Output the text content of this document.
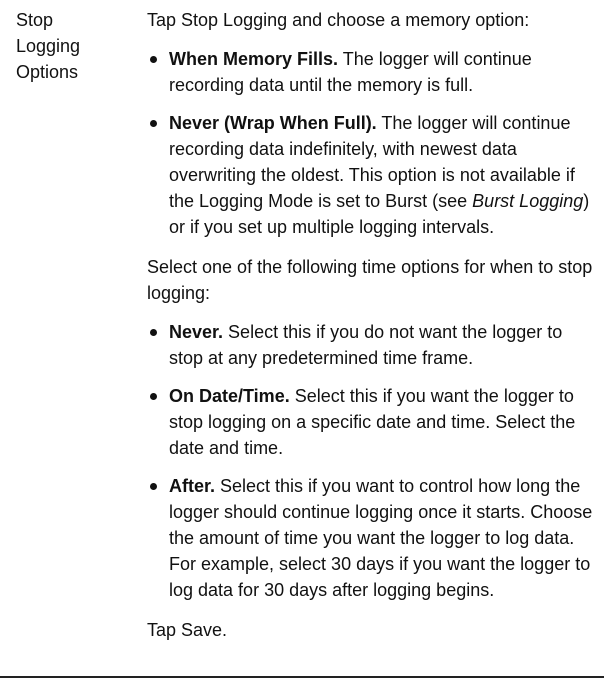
Stop
Logging
Options

Tap Stop Logging and choose a memory option:

When Memory Fills. The logger will continue recording data until the memory is full.
Never (Wrap When Full). The logger will continue recording data indefinitely, with newest data overwriting the oldest. This option is not available if the Logging Mode is set to Burst (see Burst Logging) or if you set up multiple logging intervals.

Select one of the following time options for when to stop logging:

Never. Select this if you do not want the logger to stop at any predetermined time frame.
On Date/Time. Select this if you want the logger to stop logging on a specific date and time. Select the date and time.
After. Select this if you want to control how long the logger should continue logging once it starts. Choose the amount of time you want the logger to log data. For example, select 30 days if you want the logger to log data for 30 days after logging begins.

Tap Save.
